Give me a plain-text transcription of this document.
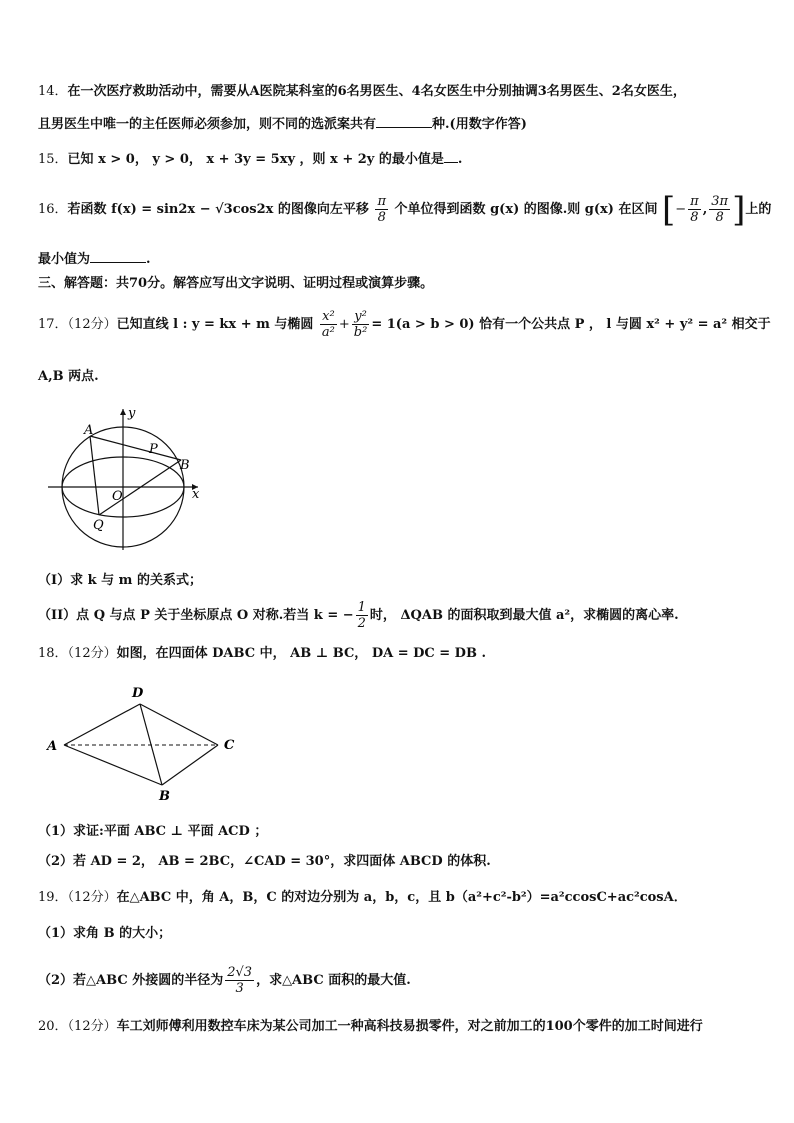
14．在一次医疗救助活动中，需要从A医院某科室的6名男医生、4名女医生中分别抽调3名男医生、2名女医生，
且男医生中唯一的主任医师必须参加，则不同的选派案共有	种.(用数字作答)
15．已知 x > 0， y > 0， x + 3y = 5xy ，则 x + 2y 的最小值是 .
16．若函数 f(x) = sin2x − √3cos2x 的图像向左平移 $\frac{\pi}{8}$ 个单位得到函数 g(x) 的图像.则 g(x) 在区间 [− $\frac{\pi}{8}$ , $\frac{3\pi}{8}$ ]上的
最小值为	.
三、解答题：共70分。解答应写出文字说明、证明过程或演算步骤。
17．（12分）已知直线 l : y = kx + m 与椭圆 $\frac{\text{x²}}{\text{a²}} + \frac{\text{y²}}{\text{b²}} = 1(a > b > 0)$ 恰有一个公共点 P ， l 与圆 x² + y² = a² 相交于
A,B 两点.
A
P
B
O
Q
x
y
（I）求 k 与 m 的关系式；
（II）点 Q 与点 P 关于坐标原点 O 对称.若当 k = − $\frac{1}{2}$ 时， ΔQAB 的面积取到最大值 a²，求椭圆的离心率.
18．（12分）如图，在四面体 DABC 中， AB ⊥ BC， DA = DC = DB .
D
A	C
B
（1）求证:平面 ABC ⊥ 平面 ACD ；
（2）若 AD = 2， AB = 2BC，∠CAD = 30°，求四面体 ABCD 的体积.
19．（12分）在△ABC 中，角 A，B，C 的对边分别为 a，b，c，且 b（a²+c²-b²）=a²ccosC+ac²cosA．
（1）求角 B 的大小；
（2）若△ABC 外接圆的半径为 $\frac{2√3}{3}$ ，求△ABC 面积的最大值.
20．（12分）车工刘师傅利用数控车床为某公司加工一种高科技易损零件，对之前加工的100个零件的加工时间进行
